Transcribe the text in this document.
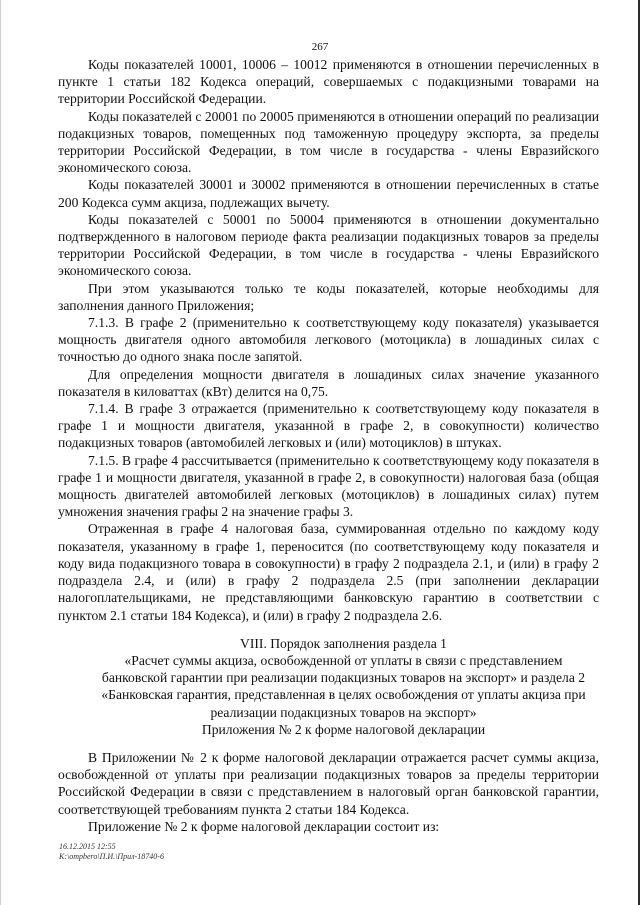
267

Коды показателей 10001, 10006 – 10012 применяются в отношении перечисленных в пункте 1 статьи 182 Кодекса операций, совершаемых с подакцизными товарами на территории Российской Федерации.

Коды показателей с 20001 по 20005 применяются в отношении операций по реализации подакцизных товаров, помещенных под таможенную процедуру экспорта, за пределы территории Российской Федерации, в том числе в государства - члены Евразийского экономического союза.

Коды показателей 30001 и 30002 применяются в отношении перечисленных в статье 200 Кодекса сумм акциза, подлежащих вычету.

Коды показателей с 50001 по 50004 применяются в отношении документально подтвержденного в налоговом периоде факта реализации подакцизных товаров за пределы территории Российской Федерации, в том числе в государства - члены Евразийского экономического союза.

При этом указываются только те коды показателей, которые необходимы для заполнения данного Приложения;

7.1.3. В графе 2 (применительно к соответствующему коду показателя) указывается мощность двигателя одного автомобиля легкового (мотоцикла) в лошадиных силах с точностью до одного знака после запятой.

Для определения мощности двигателя в лошадиных силах значение указанного показателя в киловаттах (кВт) делится на 0,75.

7.1.4. В графе 3 отражается (применительно к соответствующему коду показателя в графе 1 и мощности двигателя, указанной в графе 2, в совокупности) количество подакцизных товаров (автомобилей легковых и (или) мотоциклов) в штуках.

7.1.5. В графе 4 рассчитывается (применительно к соответствующему коду показателя в графе 1 и мощности двигателя, указанной в графе 2, в совокупности) налоговая база (общая мощность двигателей автомобилей легковых (мотоциклов) в лошадиных силах) путем умножения значения графы 2 на значение графы 3.

Отраженная в графе 4 налоговая база, суммированная отдельно по каждому коду показателя, указанному в графе 1, переносится (по соответствующему коду показателя и коду вида подакцизного товара в совокупности) в графу 2 подраздела 2.1, и (или) в графу 2 подраздела 2.4, и (или) в графу 2 подраздела 2.5 (при заполнении декларации налогоплательщиками, не представляющими банковскую гарантию в соответствии с пунктом 2.1 статьи 184 Кодекса), и (или) в графу 2 подраздела 2.6.

VIII. Порядок заполнения раздела 1

«Расчет суммы акциза, освобожденной от уплаты в связи с представлением

банковской гарантии при реализации подакцизных товаров на экспорт» и раздела 2

«Банковская гарантия, представленная в целях освобождения от уплаты акциза при

реализации подакцизных товаров на экспорт»

Приложения № 2 к форме налоговой декларации

В Приложении № 2 к форме налоговой декларации отражается расчет суммы акциза, освобожденной от уплаты при реализации подакцизных товаров за пределы территории Российской Федерации в связи с представлением в налоговый орган банковской гарантии, соответствующей требованиям пункта 2 статьи 184 Кодекса.

Приложение № 2 к форме налоговой декларации состоит из:

16.12.2015 12:55
К:\ompbero\П.И.\Прил-18740-6
